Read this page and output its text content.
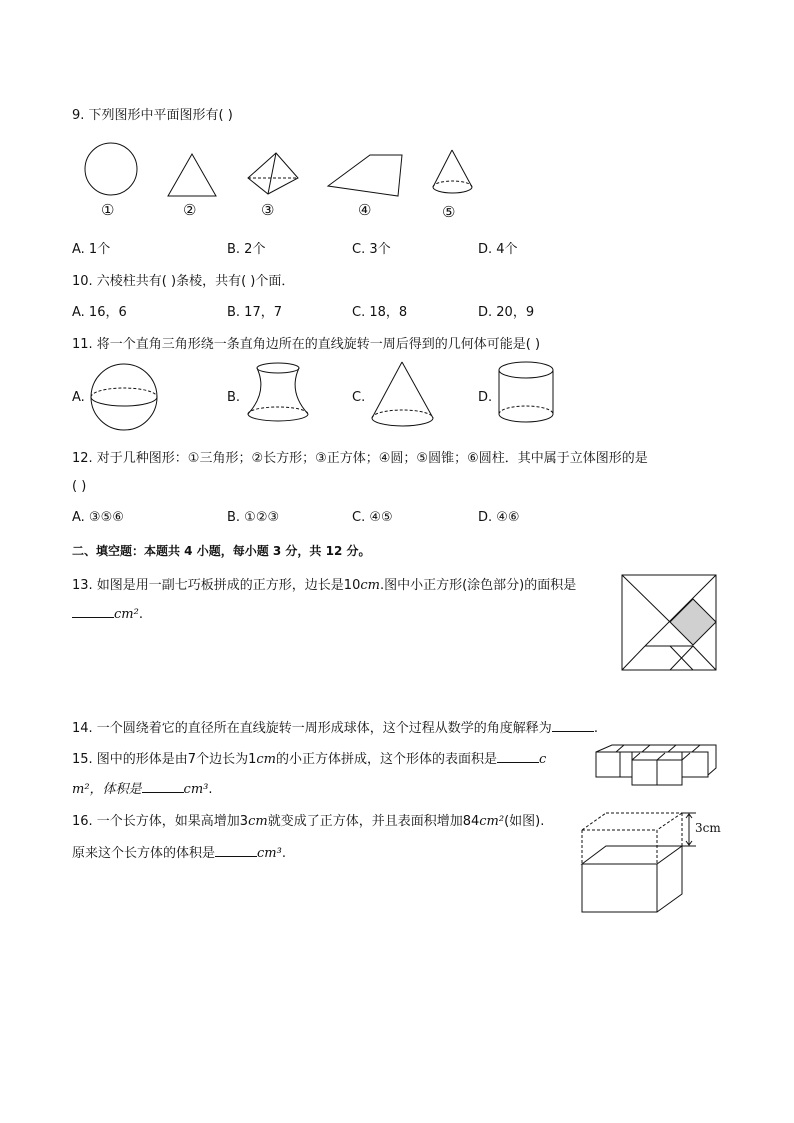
9. 下列图形中平面图形有( )
①	②	③	④	⑤
A. 1个	B. 2个	C. 3个	D. 4个
10. 六棱柱共有( )条棱，共有( )个面．
A. 16，6	B. 17，7	C. 18，8	D. 20，9
11. 将一个直角三角形绕一条直角边所在的直线旋转一周后得到的几何体可能是( )
A.	B.	C.	D.
12. 对于几种图形：①三角形；②长方形；③正方体；④圆；⑤圆锥；⑥圆柱．其中属于立体图形的是
( )
A. ③⑤⑥	B. ①②③	C. ④⑤	D. ④⑥
二、填空题：本题共 4 小题，每小题 3 分，共 12 分。
13. 如图是用一副七巧板拼成的正方形，边长是10cm.图中小正方形(涂色部分)的面积是
cm².
14. 一个圆绕着它的直径所在直线旋转一周形成球体，这个过程从数学的角度解释为	.
15. 图中的形体是由7个边长为1cm的小正方体拼成，这个形体的表面积是	c
m²，体积是	cm³.
16. 一个长方体，如果高增加3cm就变成了正方体，并且表面积增加84cm²(如图).
原来这个长方体的体积是	cm³.
3cm
